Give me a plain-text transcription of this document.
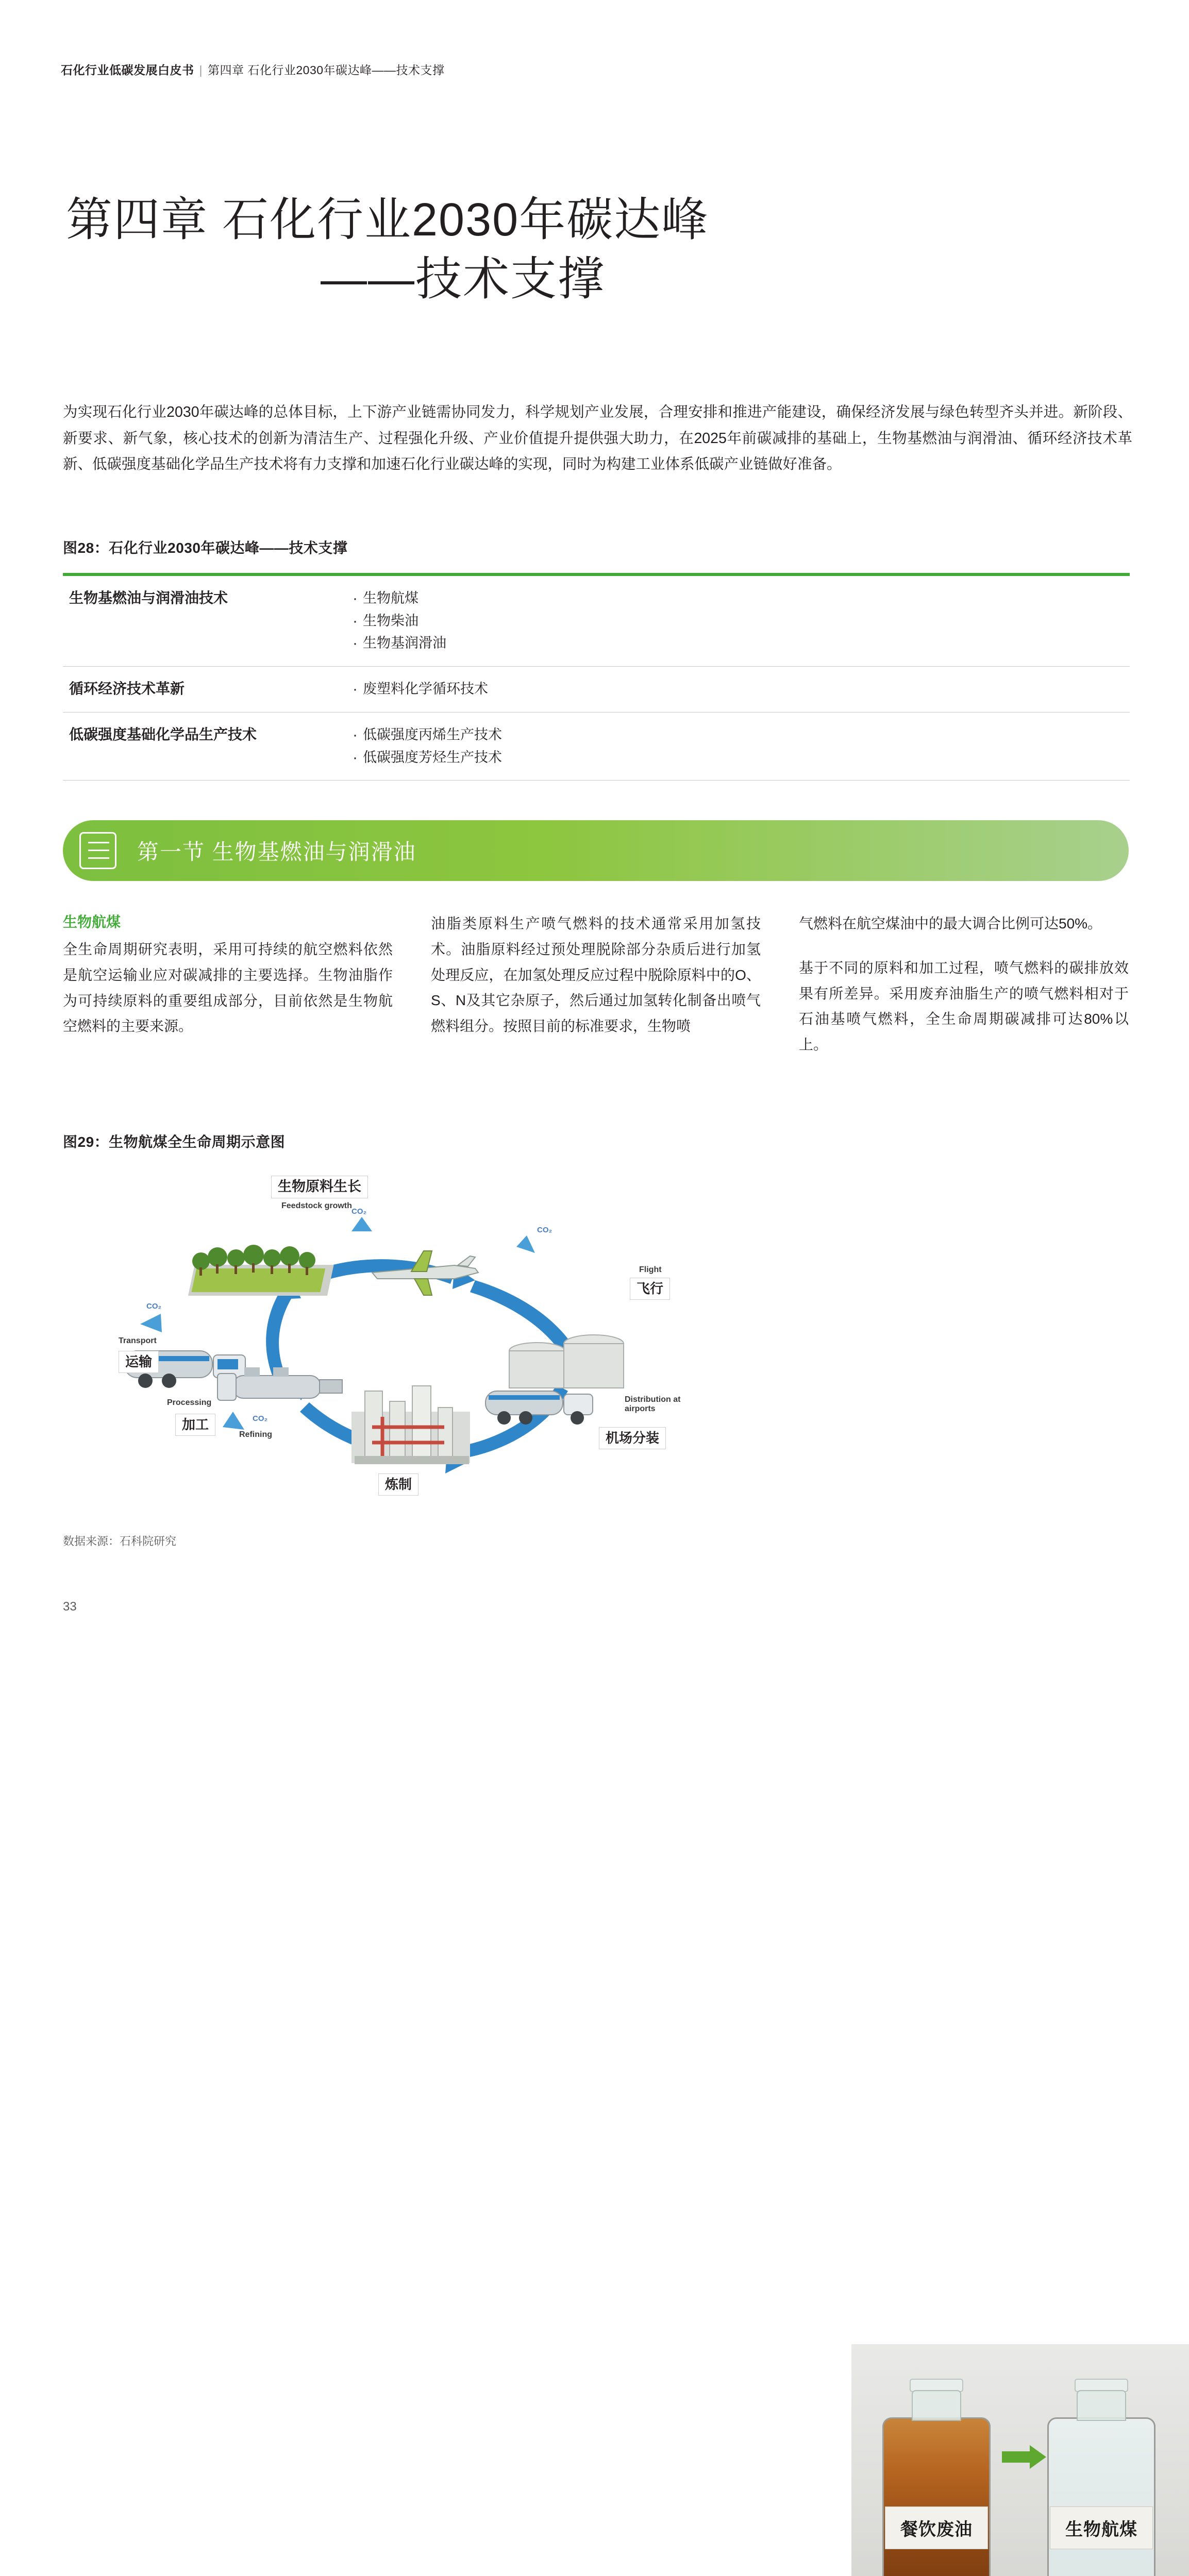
石化行业低碳发展白皮书 | 第四章 石化行业2030年碳达峰——技术支撑
第四章 石化行业2030年碳达峰
——技术支撑
为实现石化行业2030年碳达峰的总体目标，上下游产业链需协同发力，科学规划产业发展，合理安排和推进产能建设，确保经济发展与绿色转型齐头并进。新阶段、新要求、新气象，核心技术的创新为清洁生产、过程强化升级、产业价值提升提供强大助力，在2025年前碳减排的基础上，生物基燃油与润滑油、循环经济技术革新、低碳强度基础化学品生产技术将有力支撑和加速石化行业碳达峰的实现，同时为构建工业体系低碳产业链做好准备。
图28：石化行业2030年碳达峰——技术支撑
生物基燃油与润滑油技术	· 生物航煤
· 生物柴油
· 生物基润滑油
循环经济技术革新	· 废塑料化学循环技术
低碳强度基础化学品生产技术	· 低碳强度丙烯生产技术
· 低碳强度芳烃生产技术
第一节 生物基燃油与润滑油
生物航煤

全生命周期研究表明，采用可持续的航空燃料依然是航空运输业应对碳减排的主要选择。生物油脂作为可持续原料的重要组成部分，目前依然是生物航空燃料的主要来源。

油脂类原料生产喷气燃料的技术通常采用加氢技术。油脂原料经过预处理脱除部分杂质后进行加氢处理反应，在加氢处理反应过程中脱除原料中的O、S、N及其它杂原子，然后通过加氢转化制备出喷气燃料组分。按照目前的标准要求，生物喷

气燃料在航空煤油中的最大调合比例可达50%。

基于不同的原料和加工过程，喷气燃料的碳排放效果有所差异。采用废弃油脂生产的喷气燃料相对于石油基喷气燃料，全生命周期碳减排可达80%以上。

图29：生物航煤全生命周期示意图
生物原料生长
Feedstock growth
Flight
飞行
Distribution at airports
机场分装
Refining
炼制
Processing
加工
Transport
运输
CO₂
CO₂
CO₂
CO₂
餐饮废油	生物航煤
数据来源：石科院研究
33
